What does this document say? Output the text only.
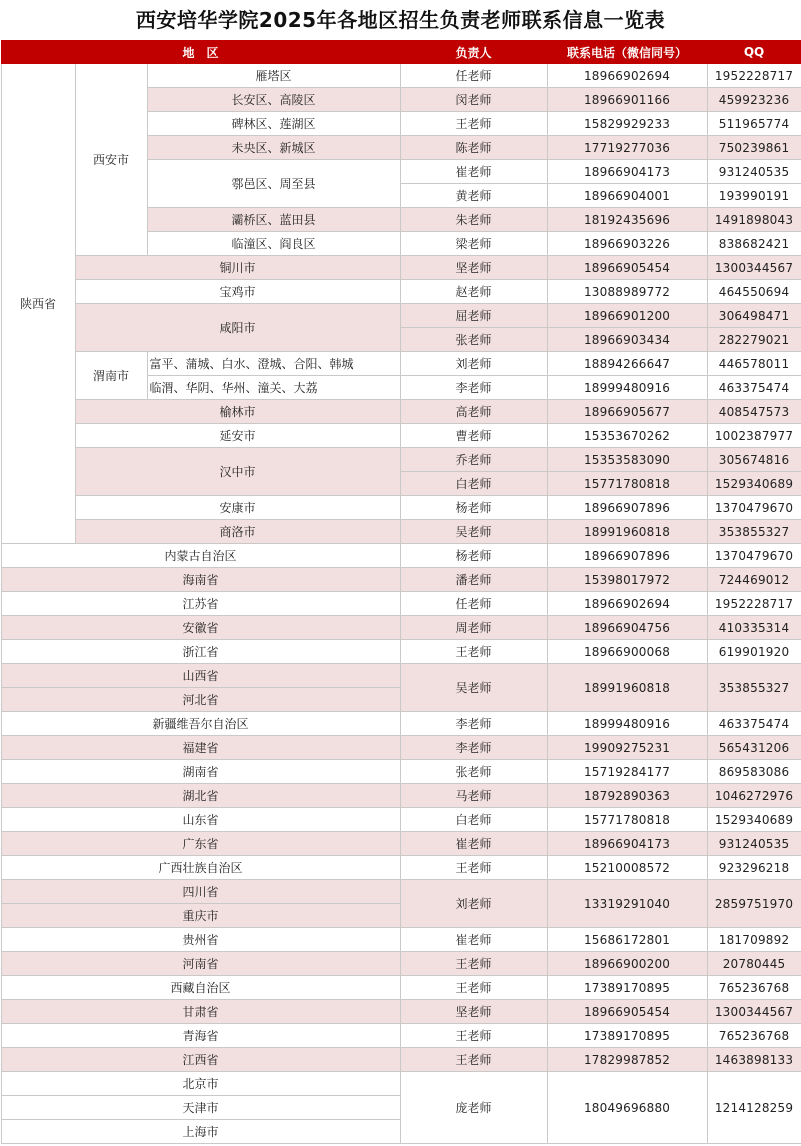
西安培华学院2025年各地区招生负责老师联系信息一览表
地　区			负责人	联系电话（微信同号）	QQ
陕西省	西安市	雁塔区	任老师	18966902694	1952228717
		长安区、高陵区	闵老师	18966901166	459923236
		碑林区、莲湖区	王老师	15829929233	511965774
		未央区、新城区	陈老师	17719277036	750239861
		鄠邑区、周至县	崔老师	18966904173	931240535
			黄老师	18966904001	193990191
		灞桥区、蓝田县	朱老师	18192435696	1491898043
		临潼区、阎良区	梁老师	18966903226	838682421
	铜川市		坚老师	18966905454	1300344567
	宝鸡市		赵老师	13088989772	464550694
	咸阳市		屈老师	18966901200	306498471
			张老师	18966903434	282279021
	渭南市	富平、蒲城、白水、澄城、合阳、韩城	刘老师	18894266647	446578011
		临渭、华阴、华州、潼关、大荔	李老师	18999480916	463375474
	榆林市		高老师	18966905677	408547573
	延安市		曹老师	15353670262	1002387977
	汉中市		乔老师	15353583090	305674816
			白老师	15771780818	1529340689
	安康市		杨老师	18966907896	1370479670
	商洛市		吴老师	18991960818	353855327
内蒙古自治区			杨老师	18966907896	1370479670
海南省			潘老师	15398017972	724469012
江苏省			任老师	18966902694	1952228717
安徽省			周老师	18966904756	410335314
浙江省			王老师	18966900068	619901920
山西省			吴老师	18991960818	353855327
河北省					
新疆维吾尔自治区			李老师	18999480916	463375474
福建省			李老师	19909275231	565431206
湖南省			张老师	15719284177	869583086
湖北省			马老师	18792890363	1046272976
山东省			白老师	15771780818	1529340689
广东省			崔老师	18966904173	931240535
广西壮族自治区			王老师	15210008572	923296218
四川省			刘老师	13319291040	2859751970
重庆市					
贵州省			崔老师	15686172801	181709892
河南省			王老师	18966900200	20780445
西藏自治区			王老师	17389170895	765236768
甘肃省			坚老师	18966905454	1300344567
青海省			王老师	17389170895	765236768
江西省			王老师	17829987852	1463898133
北京市			庞老师	18049696880	1214128259
天津市					
上海市					
